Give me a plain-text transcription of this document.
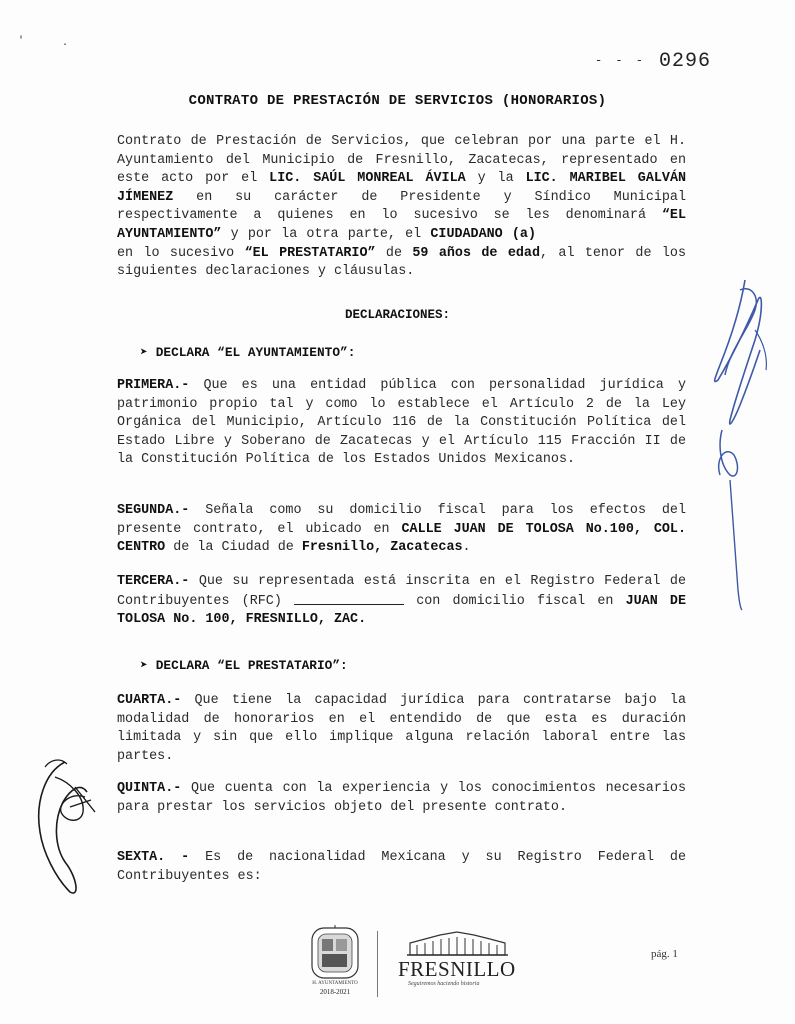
'	.
- - - 0296
CONTRATO DE PRESTACIÓN DE SERVICIOS (HONORARIOS)
Contrato de Prestación de Servicios, que celebran por una parte el H. Ayuntamiento del Municipio de Fresnillo, Zacatecas, representado en este acto por el LIC. SAÚL MONREAL ÁVILA y la LIC. MARIBEL GALVÁN JÍMENEZ en su carácter de Presidente y Síndico Municipal respectivamente a quienes en lo sucesivo se les denominará “EL AYUNTAMIENTO” y por la otra parte, el CIUDADANO (a) en lo sucesivo “EL PRESTATARIO” de 59 años de edad, al tenor de los siguientes declaraciones y cláusulas.
DECLARACIONES:
➤ DECLARA “EL AYUNTAMIENTO”:
PRIMERA.- Que es una entidad pública con personalidad jurídica y patrimonio propio tal y como lo establece el Artículo 2 de la Ley Orgánica del Municipio, Artículo 116 de la Constitución Política del Estado Libre y Soberano de Zacatecas y el Artículo 115 Fracción II de la Constitución Política de los Estados Unidos Mexicanos.
SEGUNDA.- Señala como su domicilio fiscal para los efectos del presente contrato, el ubicado en CALLE JUAN DE TOLOSA No.100, COL. CENTRO de la Ciudad de Fresnillo, Zacatecas.
TERCERA.- Que su representada está inscrita en el Registro Federal de Contribuyentes (RFC)	con domicilio fiscal en JUAN DE TOLOSA No. 100, FRESNILLO, ZAC.
➤ DECLARA “EL PRESTATARIO”:
CUARTA.- Que tiene la capacidad jurídica para contratarse bajo la modalidad de honorarios en el entendido de que esta es duración limitada y sin que ello implique alguna relación laboral entre las partes.
QUINTA.- Que cuenta con la experiencia y los conocimientos necesarios para prestar los servicios objeto del presente contrato.
SEXTA. - Es de nacionalidad Mexicana y su Registro Federal de Contribuyentes es:
H. AYUNTAMIENTO
2018-2021
FRESNILLO
Seguiremos haciendo historia
pág. 1
